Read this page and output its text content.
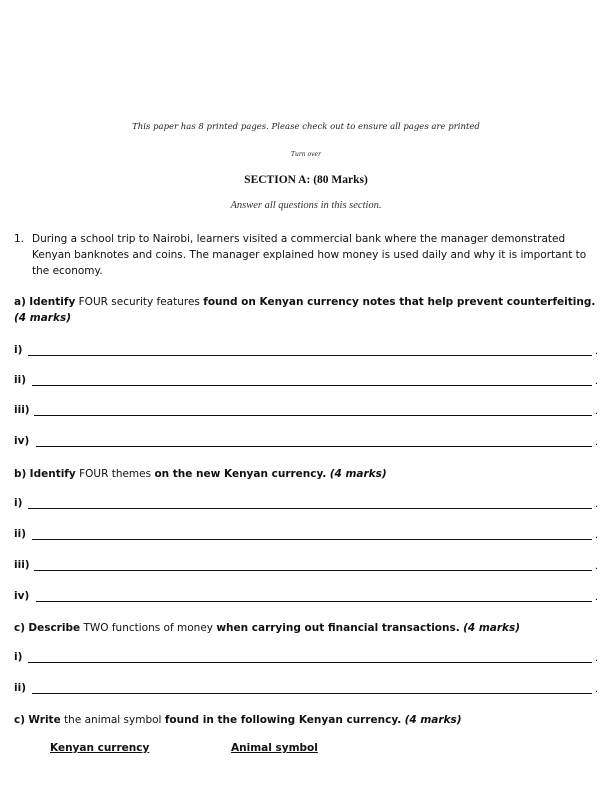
This paper has 8 printed pages. Please check out to ensure all pages are printed
Turn over
SECTION A: (80 Marks)
Answer all questions in this section.
1. During a school trip to Nairobi, learners visited a commercial bank where the manager demonstrated Kenyan banknotes and coins. The manager explained how money is used daily and why it is important to the economy.
a) Identify FOUR security features found on Kenyan currency notes that help prevent counterfeiting. (4 marks)
i)	.
ii)	.
iii)	.
iv)	.
b) Identify FOUR themes on the new Kenyan currency. (4 marks)
i)	.
ii)	.
iii)	.
iv)	.
c) Describe TWO functions of money when carrying out financial transactions. (4 marks)
i)	.
ii)	.
c) Write the animal symbol found in the following Kenyan currency. (4 marks)
Kenyan currency	Animal symbol
